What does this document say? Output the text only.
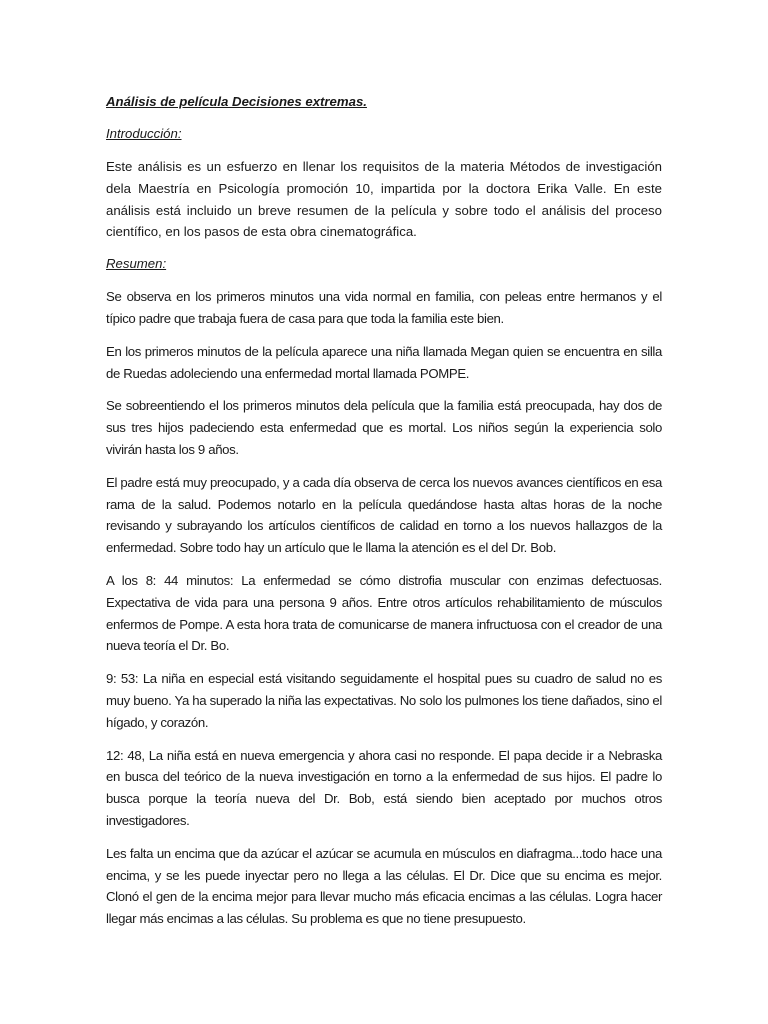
Análisis de película Decisiones extremas.

Introducción:

Este análisis es un esfuerzo en llenar los requisitos de la materia Métodos de investigación dela Maestría en Psicología promoción 10, impartida por la doctora Erika Valle. En este análisis está incluido un breve resumen de la película y sobre todo el análisis del proceso científico, en los pasos de esta obra cinematográfica.

Resumen:

Se observa en los primeros minutos una vida normal en familia, con peleas entre hermanos y el típico padre que trabaja fuera de casa para que toda la familia este bien.

En los primeros minutos de la película aparece una niña llamada Megan quien se encuentra en silla de Ruedas adoleciendo una enfermedad mortal llamada POMPE.

Se sobreentiendo el los primeros minutos dela película que la familia está preocupada, hay dos de sus tres hijos padeciendo esta enfermedad que es mortal. Los niños según la experiencia solo vivirán hasta los 9 años.

El padre está muy preocupado, y a cada día observa de cerca los nuevos avances científicos en esa rama de la salud. Podemos notarlo en la película quedándose hasta altas horas de la noche revisando y subrayando los artículos científicos de calidad en torno a los nuevos hallazgos de la enfermedad. Sobre todo hay un artículo que le llama la atención es el del Dr. Bob.

A los 8: 44 minutos: La enfermedad se cómo distrofia muscular con enzimas defectuosas. Expectativa de vida para una persona 9 años. Entre otros artículos rehabilitamiento de músculos enfermos de Pompe. A esta hora trata de comunicarse de manera infructuosa con el creador de una nueva teoría el Dr. Bo.

9: 53: La niña en especial está visitando seguidamente el hospital pues su cuadro de salud no es muy bueno. Ya ha superado la niña las expectativas. No solo los pulmones los tiene dañados, sino el hígado, y corazón.

12: 48, La niña está en nueva emergencia y ahora casi no responde. El papa decide ir a Nebraska en busca del teórico de la nueva investigación en torno a la enfermedad de sus hijos. El padre lo busca porque la teoría nueva del Dr. Bob, está siendo bien aceptado por muchos otros investigadores.

Les falta un encima que da azúcar el azúcar se acumula en músculos en diafragma...todo hace una encima, y se les puede inyectar pero no llega a las células. El Dr. Dice que su encima es mejor. Clonó el gen de la encima mejor para llevar mucho más eficacia encimas a las células. Logra hacer llegar más encimas a las células. Su problema es que no tiene presupuesto.
